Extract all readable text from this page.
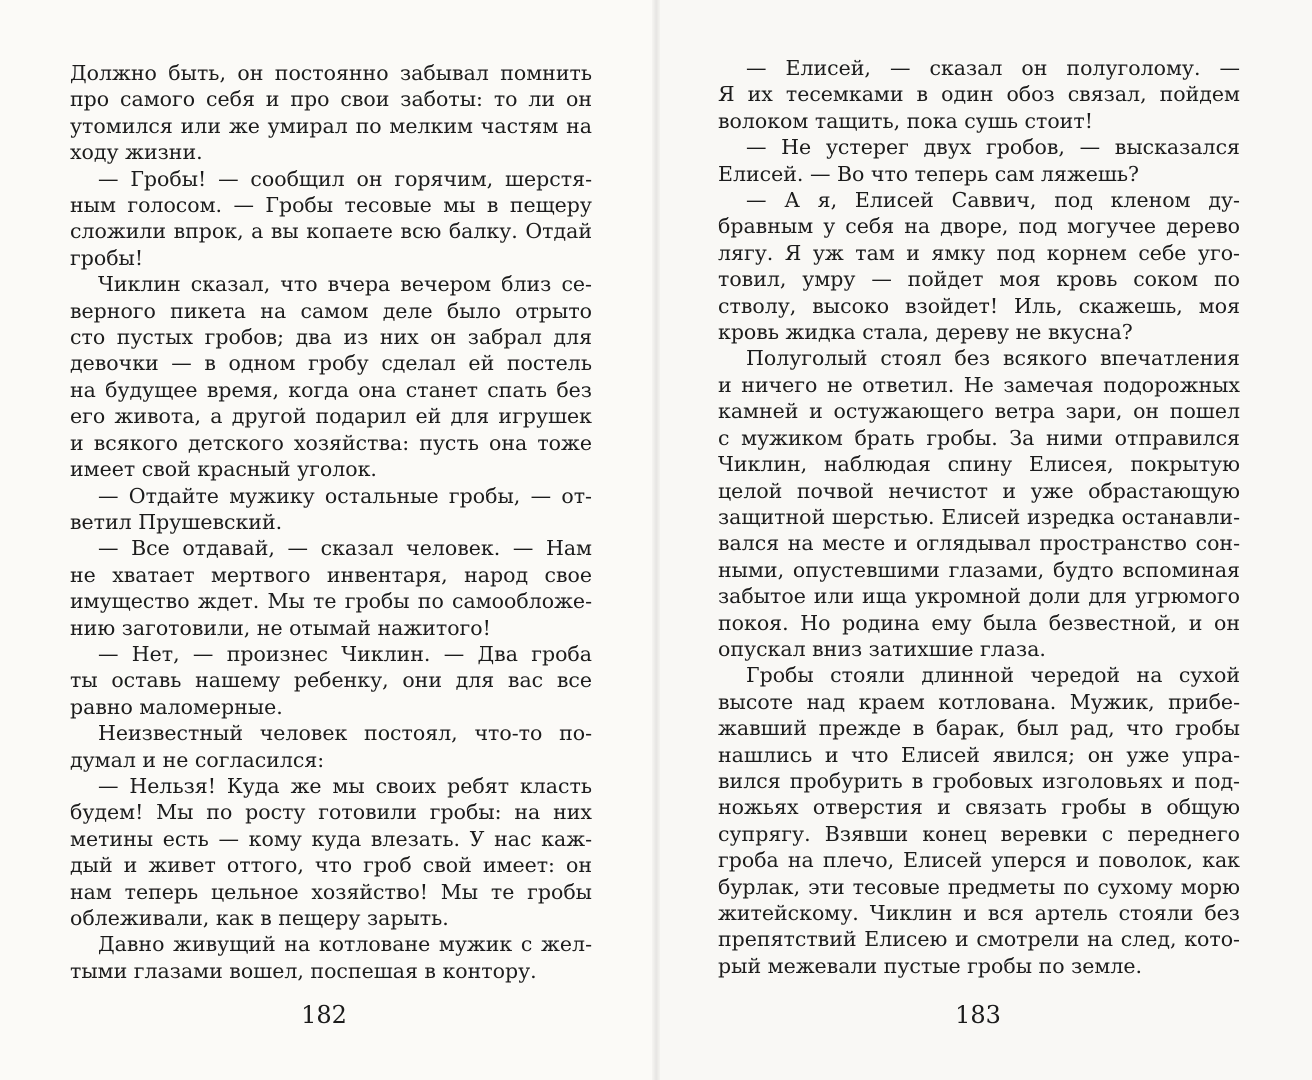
Должно быть, он постоянно забывал помнить
про самого себя и про свои заботы: то ли он
утомился или же умирал по мелким частям на
ходу жизни.
— Гробы! — сообщил он горячим, шерстя-
ным голосом. — Гробы тесовые мы в пещеру
сложили впрок, а вы копаете всю балку. Отдай
гробы!
Чиклин сказал, что вчера вечером близ се-
верного пикета на самом деле было отрыто
сто пустых гробов; два из них он забрал для
девочки — в одном гробу сделал ей постель
на будущее время, когда она станет спать без
его живота, а другой подарил ей для игрушек
и всякого детского хозяйства: пусть она тоже
имеет свой красный уголок.
— Отдайте мужику остальные гробы, — от-
ветил Прушевский.
— Все отдавай, — сказал человек. — Нам
не хватает мертвого инвентаря, народ свое
имущество ждет. Мы те гробы по самообложе-
нию заготовили, не отымай нажитого!
— Нет, — произнес Чиклин. — Два гроба
ты оставь нашему ребенку, они для вас все
равно маломерные.
Неизвестный человек постоял, что-то по-
думал и не согласился:
— Нельзя! Куда же мы своих ребят класть
будем! Мы по росту готовили гробы: на них
метины есть — кому куда влезать. У нас каж-
дый и живет оттого, что гроб свой имеет: он
нам теперь цельное хозяйство! Мы те гробы
облеживали, как в пещеру зарыть.
Давно живущий на котловане мужик с жел-
тыми глазами вошел, поспешая в контору.
182
— Елисей, — сказал он полуголому. —
Я их тесемками в один обоз связал, пойдем
волоком тащить, пока сушь стоит!
— Не устерег двух гробов, — высказался
Елисей. — Во что теперь сам ляжешь?
— А я, Елисей Саввич, под кленом ду-
бравным у себя на дворе, под могучее дерево
лягу. Я уж там и ямку под корнем себе уго-
товил, умру — пойдет моя кровь соком по
стволу, высоко взойдет! Иль, скажешь, моя
кровь жидка стала, дереву не вкусна?
Полуголый стоял без всякого впечатления
и ничего не ответил. Не замечая подорожных
камней и остужающего ветра зари, он пошел
с мужиком брать гробы. За ними отправился
Чиклин, наблюдая спину Елисея, покрытую
целой почвой нечистот и уже обрастающую
защитной шерстью. Елисей изредка останавли-
вался на месте и оглядывал пространство сон-
ными, опустевшими глазами, будто вспоминая
забытое или ища укромной доли для угрюмого
покоя. Но родина ему была безвестной, и он
опускал вниз затихшие глаза.
Гробы стояли длинной чередой на сухой
высоте над краем котлована. Мужик, прибе-
жавший прежде в барак, был рад, что гробы
нашлись и что Елисей явился; он уже упра-
вился пробурить в гробовых изголовьях и под-
ножьях отверстия и связать гробы в общую
супрягу. Взявши конец веревки с переднего
гроба на плечо, Елисей уперся и поволок, как
бурлак, эти тесовые предметы по сухому морю
житейскому. Чиклин и вся артель стояли без
препятствий Елисею и смотрели на след, кото-
рый межевали пустые гробы по земле.
183
